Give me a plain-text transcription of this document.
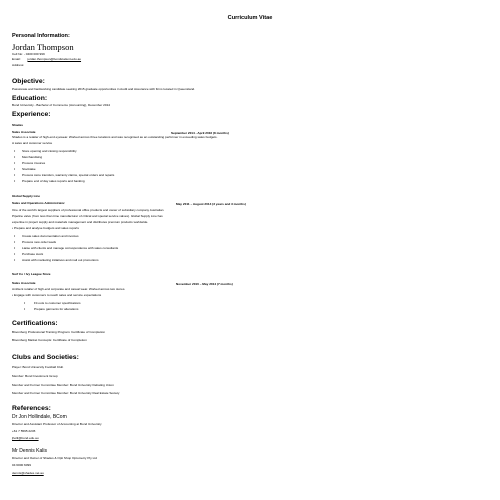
Curriculum Vitae
Personal Information:
Jordan Thompson
Cell No: - 0400 000 999
Email: jordan.thompson@bondstudent.edu.au
Address:
Objective:
Passionate and hardworking candidate seeking 2015 graduate opportunities in Audit and Assurance with firms located in Queensland.
Education:
Bond University - Bachelor of Commerce (Accounting), December 2014
Experience:
Shades
Sales Associate	September 2014 - April 2016 (8 months)
Shades is a retailer of high-end eyewear. Worked across three locations and was recognised as an outstanding performer in exceeding sales budgets.
A sales and customer service
• Store opening and closing responsibility
• Merchandising
• Process invoices
• Stocktake
• Process store transfers, warranty claims, special orders and repairs
• Prepare end of day sales reports and banking
Global Supply Line
Sales and Operations Administrator	May 2011 – August 2014 (3 years and 3 months)
One of the world's largest suppliers of professional office products and owner of subsidiary company Australian
Pipeline valve (from less than time manufacturer of critical and special service valves). Global Supply Line has
expertise in project supply and materials management and distributes premium products worldwide.
• Prepare and analyse budgets and sales reports
• Create sales documentation and invoices
• Process new order leads
• Liaise with clients and manage correspondence with sales consultants
• Purchase stock
• Assist with marketing initiatives and mail out promotions
Surf Co / Ivy League Store
Sales Associate	November 2010 – May 2014 (7 months)
Ambient retailer of high-end corporate and casual wear. Worked across two stores.
• Engage with customers to reach sales and service expectations
• Fit outs to customer specifications
• Prepare garments for alterations
Certifications:
Bloomberg Professional Training Program: Certificate of Completion
Bloomberg Market Concepts: Certificate of Completion
Clubs and Societies:
Player: Bond University Football Club
Member: Bond Investment Group
Member and Former Committee Member: Bond University Debating Union
Member and Former Committee Member: Bond University Real Estate Society
References:
Dr Jon Hollindale, BCom
Director and Assistant Professor of Accounting at Bond University
+61 7 5595 2245
jholli@bond.edu.au
Mr Dennis Kalis
Director and Owner of Shades & Opti Shop Optometry Pty Ltd
04 6000 6099
dennis@shades.net.au
